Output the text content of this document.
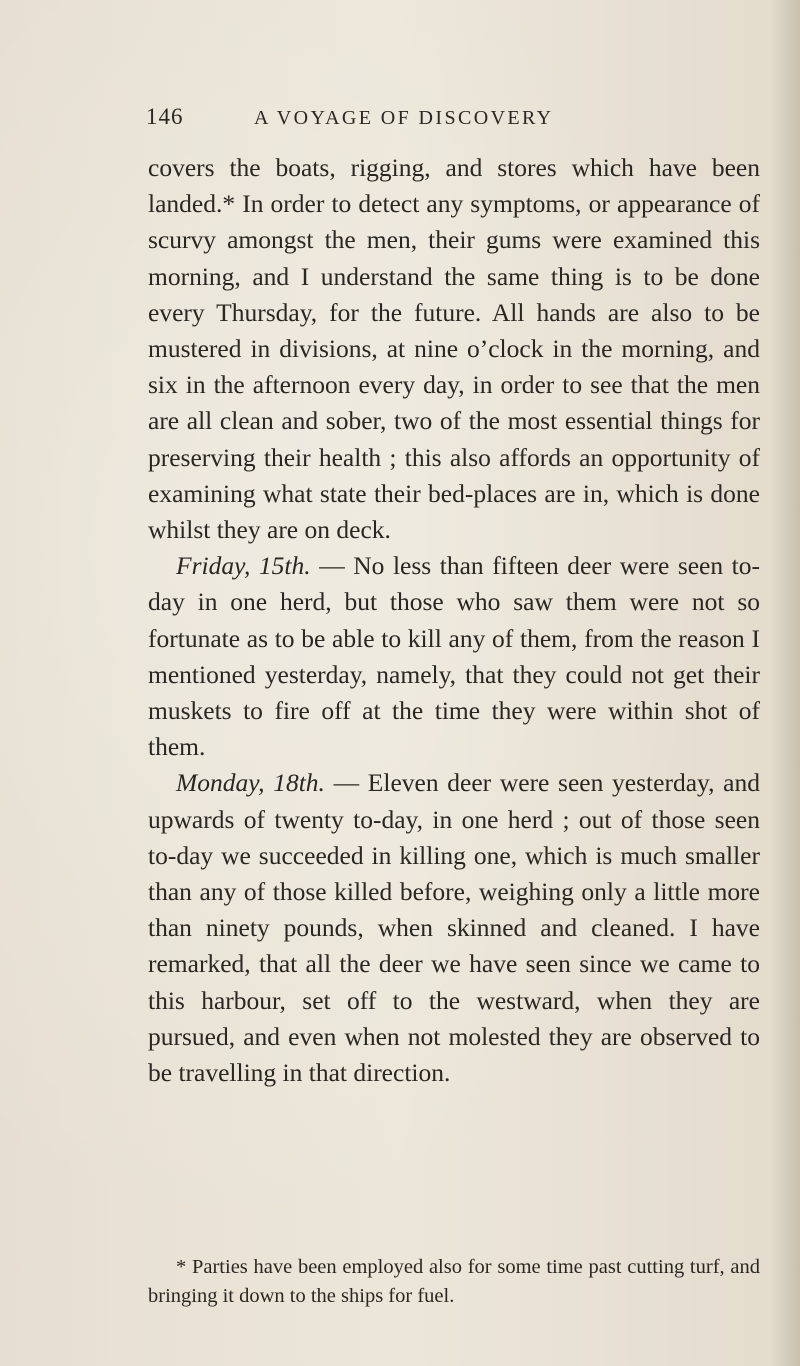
146	A VOYAGE OF DISCOVERY

covers the boats, rigging, and stores which have been landed.* In order to detect any symptoms, or appearance of scurvy amongst the men, their gums were examined this morning, and I understand the same thing is to be done every Thursday, for the future. All hands are also to be mustered in divisions, at nine o’clock in the morning, and six in the afternoon every day, in order to see that the men are all clean and sober, two of the most essential things for preserving their health ; this also affords an opportunity of examining what state their bed-places are in, which is done whilst they are on deck.

Friday, 15th. — No less than fifteen deer were seen to-day in one herd, but those who saw them were not so fortunate as to be able to kill any of them, from the reason I mentioned yesterday, namely, that they could not get their muskets to fire off at the time they were within shot of them.

Monday, 18th. — Eleven deer were seen yesterday, and upwards of twenty to-day, in one herd ; out of those seen to-day we succeeded in killing one, which is much smaller than any of those killed before, weighing only a little more than ninety pounds, when skinned and cleaned. I have remarked, that all the deer we have seen since we came to this harbour, set off to the westward, when they are pursued, and even when not molested they are observed to be travelling in that direction.

* Parties have been employed also for some time past cutting turf, and bringing it down to the ships for fuel.
